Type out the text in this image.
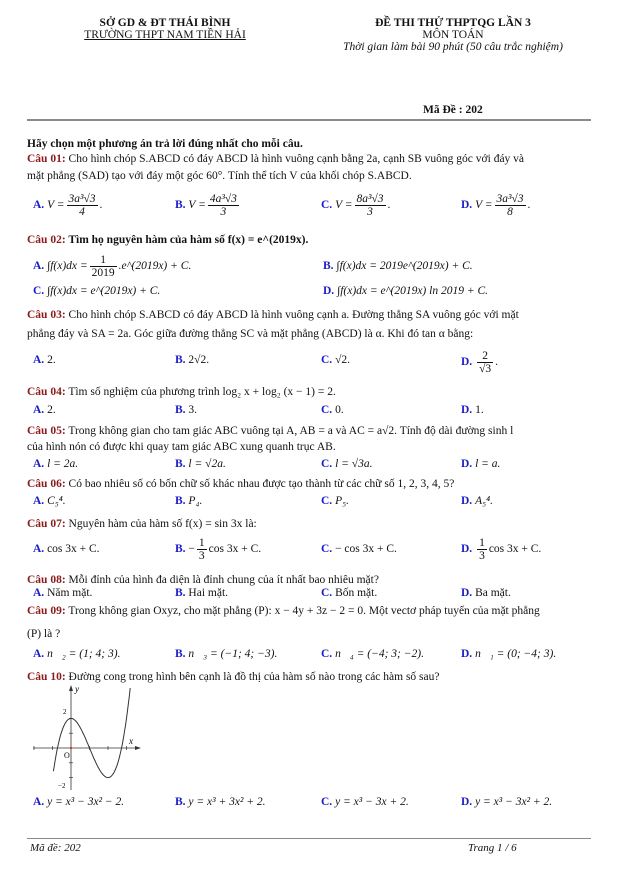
SỞ GD & ĐT THÁI BÌNH
TRƯỜNG THPT NAM TIỀN HẢI
ĐỀ THI THỬ THPTQG LẦN 3
MÔN TOÁN
Thời gian làm bài 90 phút (50 câu trắc nghiệm)
Mã Đề : 202
Hãy chọn một phương án trả lời đúng nhất cho mỗi câu.
Câu 01: Cho hình chóp S.ABCD có đáy ABCD là hình vuông cạnh bằng 2a, cạnh SB vuông góc với đáy và
mặt phẳng (SAD) tạo với đáy một góc 60°. Tính thể tích V của khối chóp S.ABCD.
A. $V = \frac{\text{3a³√3}}{4}$ .	B. $V = \frac{\text{4a³√3}}{3}$	C. $V = \frac{\text{8a³√3}}{3}$ .	D. $V = \frac{\text{3a³√3}}{8}$ .
Câu 02: Tìm họ nguyên hàm của hàm số f(x) = e^(2019x).
A. $\int f(x)dx = \frac{1}{2019}$ .e^(2019x) + C.	B. ∫f(x)dx = 2019e^(2019x) + C.
C. ∫f(x)dx = e^(2019x) + C.	D. ∫f(x)dx = e^(2019x) ln 2019 + C.
Câu 03: Cho hình chóp S.ABCD có đáy ABCD là hình vuông cạnh a. Đường thẳng SA vuông góc với mặt
phẳng đáy và SA = 2a. Góc giữa đường thẳng SC và mặt phẳng (ABCD) là α. Khi đó tan α bằng:
A. 2.	B. 2√2.	C. √2.	D. $\frac{2}{√3}$ .
Câu 04: Tìm số nghiệm của phương trình log₂ x + log₂ (x − 1) = 2.
A. 2.	B. 3.	C. 0.	D. 1.
Câu 05: Trong không gian cho tam giác ABC vuông tại A, AB = a và AC = a√2. Tính độ dài đường sinh l
của hình nón có được khi quay tam giác ABC xung quanh trục AB.
A. l = 2a.	B. l = √2a.	C. l = √3a.	D. l = a.
Câu 06: Có bao nhiêu số có bốn chữ số khác nhau được tạo thành từ các chữ số 1, 2, 3, 4, 5?
A. C₅⁴.	B. P₄.	C. P₅.	D. A₅⁴.
Câu 07: Nguyên hàm của hàm số f(x) = sin 3x là:
A. cos 3x + C.	B. − $\frac{1}{3}$ cos 3x + C.	C. − cos 3x + C.	D. $\frac{1}{3}$ cos 3x + C.
Câu 08: Mỗi đỉnh của hình đa diện là đỉnh chung của ít nhất bao nhiêu mặt?
A. Năm mặt.	B. Hai mặt.	C. Bốn mặt.	D. Ba mặt.
Câu 09: Trong không gian Oxyz, cho mặt phẳng (P): x − 4y + 3z − 2 = 0. Một vectơ pháp tuyến của mặt phẳng
(P) là ?
A. n⃗₂ = (1; 4; 3).	B. n⃗₃ = (−1; 4; −3).	C. n⃗₄ = (−4; 3; −2).	D. n⃗₁ = (0; −4; 3).
Câu 10: Đường cong trong hình bên cạnh là đồ thị của hàm số nào trong các hàm số sau?
y
x
O
2
−2
A. y = x³ − 3x² − 2.	B. y = x³ + 3x² + 2.	C. y = x³ − 3x + 2.	D. y = x³ − 3x² + 2.
Mã đề: 202	Trang 1 / 6
